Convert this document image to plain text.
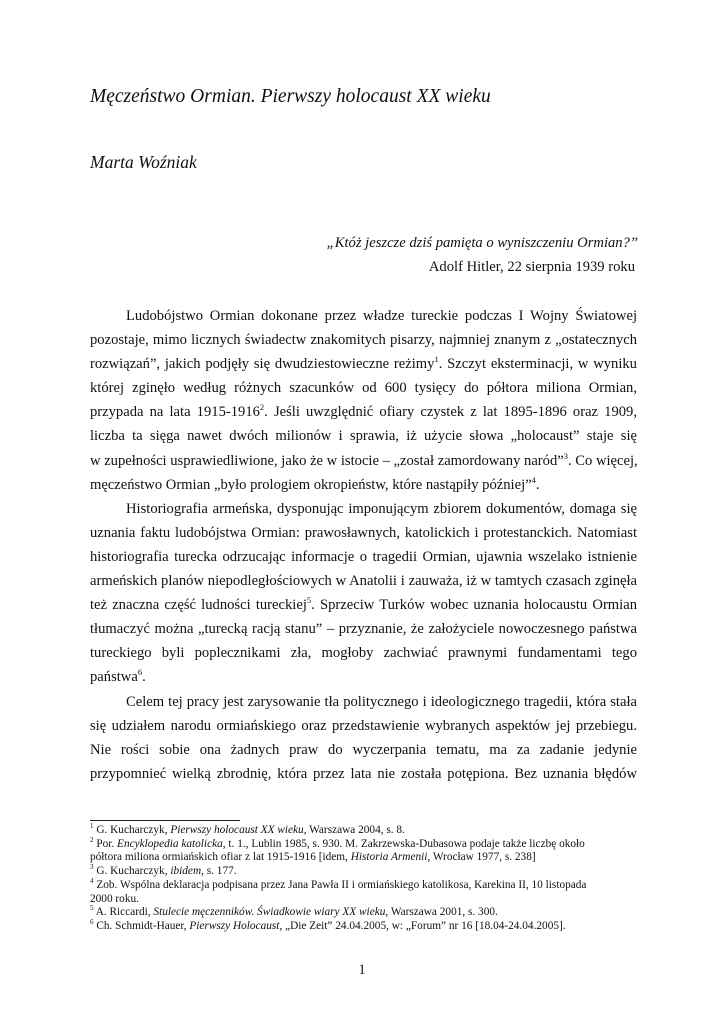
Męczeństwo Ormian. Pierwszy holocaust XX wieku
Marta Woźniak
„Któż jeszcze dziś pamięta o wyniszczeniu Ormian?”
Adolf Hitler, 22 sierpnia 1939 roku
Ludobójstwo Ormian dokonane przez władze tureckie podczas I Wojny Światowej
pozostaje, mimo licznych świadectw znakomitych pisarzy, najmniej znanym z „ostatecznych
rozwiązań”, jakich podjęły się dwudziestowieczne reżimy$^1$. Szczyt eksterminacji, w wyniku
której zginęło według różnych szacunków od 600 tysięcy do półtora miliona Ormian,
przypada na lata 1915-1916$^2$. Jeśli uwzględnić ofiary czystek z lat 1895-1896 oraz 1909,
liczba ta sięga nawet dwóch milionów i sprawia, iż użycie słowa „holocaust” staje się
w zupełności usprawiedliwione, jako że w istocie – „został zamordowany naród”$^3$. Co więcej,
męczeństwo Ormian „było prologiem okropieństw, które nastąpiły później”$^4$.
Historiografia armeńska, dysponując imponującym zbiorem dokumentów, domaga się
uznania faktu ludobójstwa Ormian: prawosławnych, katolickich i protestanckich. Natomiast
historiografia turecka odrzucając informacje o tragedii Ormian, ujawnia wszelako istnienie
armeńskich planów niepodległościowych w Anatolii i zauważa, iż w tamtych czasach zginęła
też znaczna część ludności tureckiej$^5$. Sprzeciw Turków wobec uznania holocaustu Ormian
tłumaczyć można „turecką racją stanu” – przyznanie, że założyciele nowoczesnego państwa
tureckiego byli poplecznikami zła, mogłoby zachwiać prawnymi fundamentami tego
państwa$^6$.
Celem tej pracy jest zarysowanie tła politycznego i ideologicznego tragedii, która stała
się udziałem narodu ormiańskiego oraz przedstawienie wybranych aspektów jej przebiegu.
Nie rości sobie ona żadnych praw do wyczerpania tematu, ma za zadanie jedynie
przypomnieć wielką zbrodnię, która przez lata nie została potępiona. Bez uznania błędów
$^1$ G. Kucharczyk, Pierwszy holocaust XX wieku, Warszawa 2004, s. 8.
$^2$ Por. Encyklopedia katolicka, t. 1., Lublin 1985, s. 930. M. Zakrzewska-Dubasowa podaje także liczbę około
półtora miliona ormiańskich ofiar z lat 1915-1916 [idem, Historia Armenii, Wrocław 1977, s. 238]
$^3$ G. Kucharczyk, ibidem, s. 177.
$^4$ Zob. Wspólna deklaracja podpisana przez Jana Pawła II i ormiańskiego katolikosa, Karekina II, 10 listopada
2000 roku.
$^5$ A. Riccardi, Stulecie męczenników. Świadkowie wiary XX wieku, Warszawa 2001, s. 300.
$^6$ Ch. Schmidt-Hauer, Pierwszy Holocaust, „Die Zeit” 24.04.2005, w: „Forum” nr 16 [18.04-24.04.2005].
1
